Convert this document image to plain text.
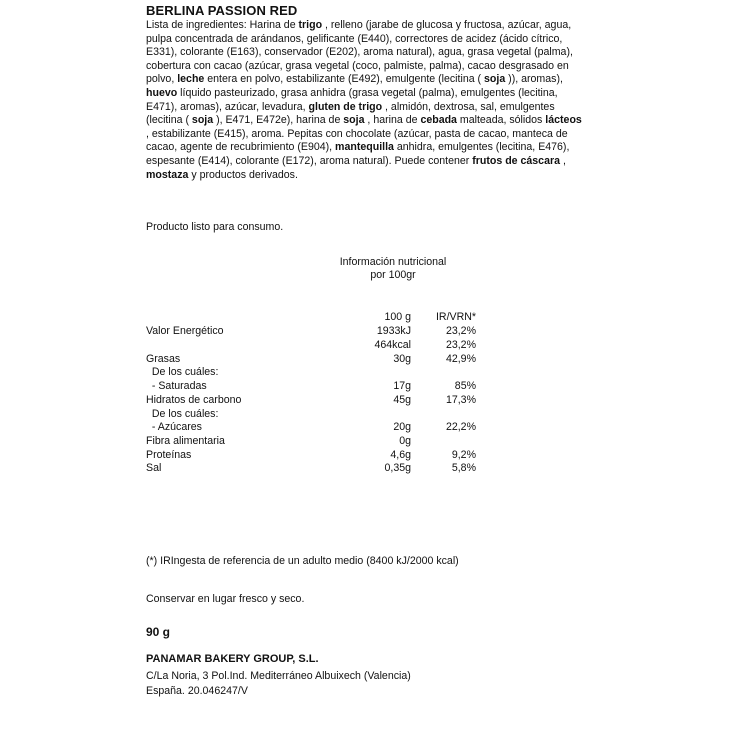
BERLINA PASSION RED
Lista de ingredientes: Harina de trigo , relleno (jarabe de glucosa y fructosa, azúcar, agua, pulpa concentrada de arándanos, gelificante (E440), correctores de acidez (ácido cítrico, E331), colorante (E163), conservador (E202), aroma natural), agua, grasa vegetal (palma), cobertura con cacao (azúcar, grasa vegetal (coco, palmiste, palma), cacao desgrasado en polvo, leche entera en polvo, estabilizante (E492), emulgente (lecitina ( soja )), aromas), huevo líquido pasteurizado, grasa anhidra (grasa vegetal (palma), emulgentes (lecitina, E471), aromas), azúcar, levadura, gluten de trigo , almidón, dextrosa, sal, emulgentes (lecitina ( soja ), E471, E472e), harina de soja , harina de cebada malteada, sólidos lácteos , estabilizante (E415), aroma. Pepitas con chocolate (azúcar, pasta de cacao, manteca de cacao, agente de recubrimiento (E904), mantequilla anhidra, emulgentes (lecitina, E476), espesante (E414), colorante (E172), aroma natural). Puede contener frutos de cáscara , mostaza y productos derivados.
Producto listo para consumo.
Información nutricional
por 100gr
100 g IR/VRN*
Valor Energético	1933kJ	23,2%
464kcal	23,2%
Grasas	30g	42,9%
De los cuáles:
- Saturadas	17g	85%
Hidratos de carbono	45g	17,3%
De los cuáles:
- Azúcares	20g	22,2%
Fibra alimentaria	0g
Proteínas	4,6g	9,2%
Sal	0,35g	5,8%
(*) IRIngesta de referencia de un adulto medio (8400 kJ/2000 kcal)
Conservar en lugar fresco y seco.
90 g
PANAMAR BAKERY GROUP, S.L.
C/La Noria, 3 Pol.Ind. Mediterráneo Albuixech (Valencia)
España. 20.046247/V
